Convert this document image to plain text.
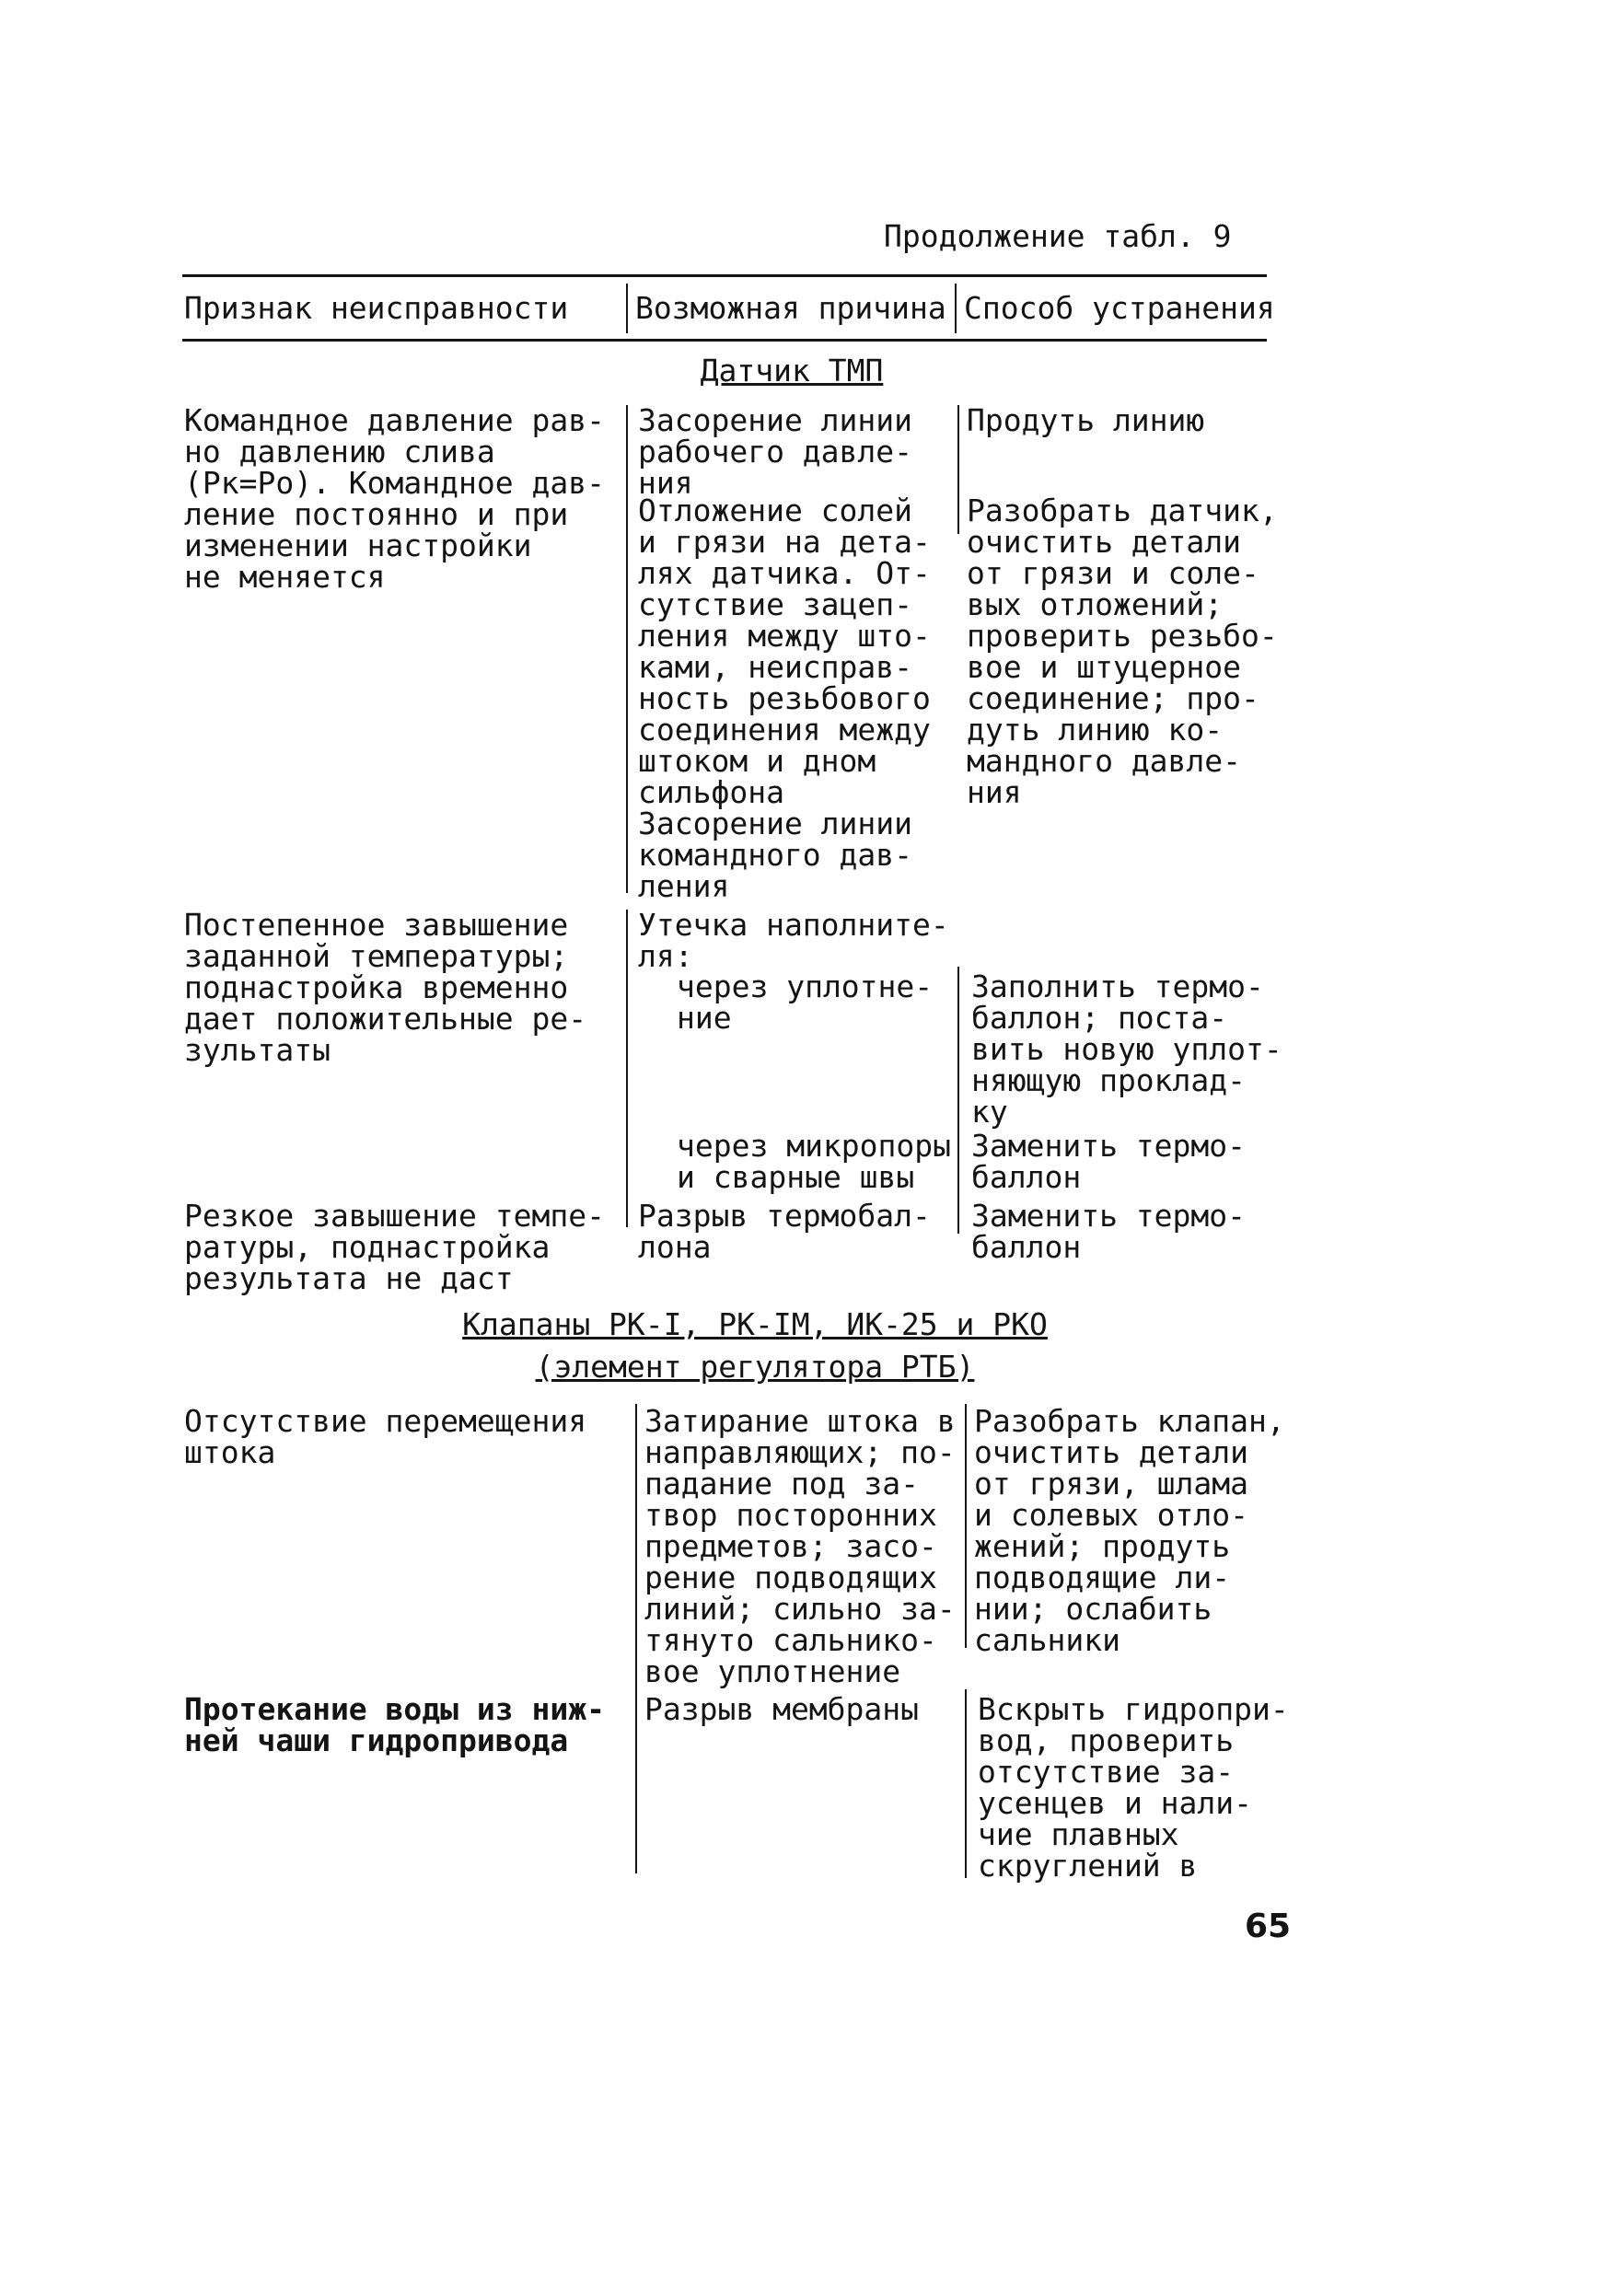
Продолжение табл. 9
Признак неисправности Возможная причина Способ устранения
Датчик ТМП
Командное давление рав-
но давлению слива
(Pк=Pо). Командное дав-
ление постоянно и при
изменении настройки
не меняется
Засорение линии
рабочего давле-
ния
Продуть линию
Отложение солей
и грязи на дета-
лях датчика. От-
сутствие зацеп-
ления между што-
ками, неисправ-
ность резьбового
соединения между
штоком и дном
сильфона
Разобрать датчик,
очистить детали
от грязи и соле-
вых отложений;
проверить резьбо-
вое и штуцерное
соединение; про-
дуть линию ко-
мандного давле-
ния
Засорение линии
командного дав-
ления
Постепенное завышение
заданной температуры;
поднастройка временно
дает положительные ре-
зультаты
Утечка наполните-
ля:
через уплотне-
ние
Заполнить термо-
баллон; поста-
вить новую уплот-
няющую проклад-
ку
через микропоры
и сварные швы
Заменить термо-
баллон
Резкое завышение темпе-
ратуры, поднастройка
результата не даст
Разрыв термобал-
лона
Заменить термо-
баллон
Клапаны РК-I, РК-IМ, ИК-25 и РКО
(элемент регулятора РТБ)
Отсутствие перемещения
штока
Затирание штока в
направляющих; по-
падание под за-
твор посторонних
предметов; засо-
рение подводящих
линий; сильно за-
тянуто сальнико-
вое уплотнение
Разобрать клапан,
очистить детали
от грязи, шлама
и солевых отло-
жений; продуть
подводящие ли-
нии; ослабить
сальники
Протекание воды из ниж-
ней чаши гидропривода
Разрыв мембраны Вскрыть гидропри-
вод, проверить
отсутствие за-
усенцев и нали-
чие плавных
скруглений в
65
